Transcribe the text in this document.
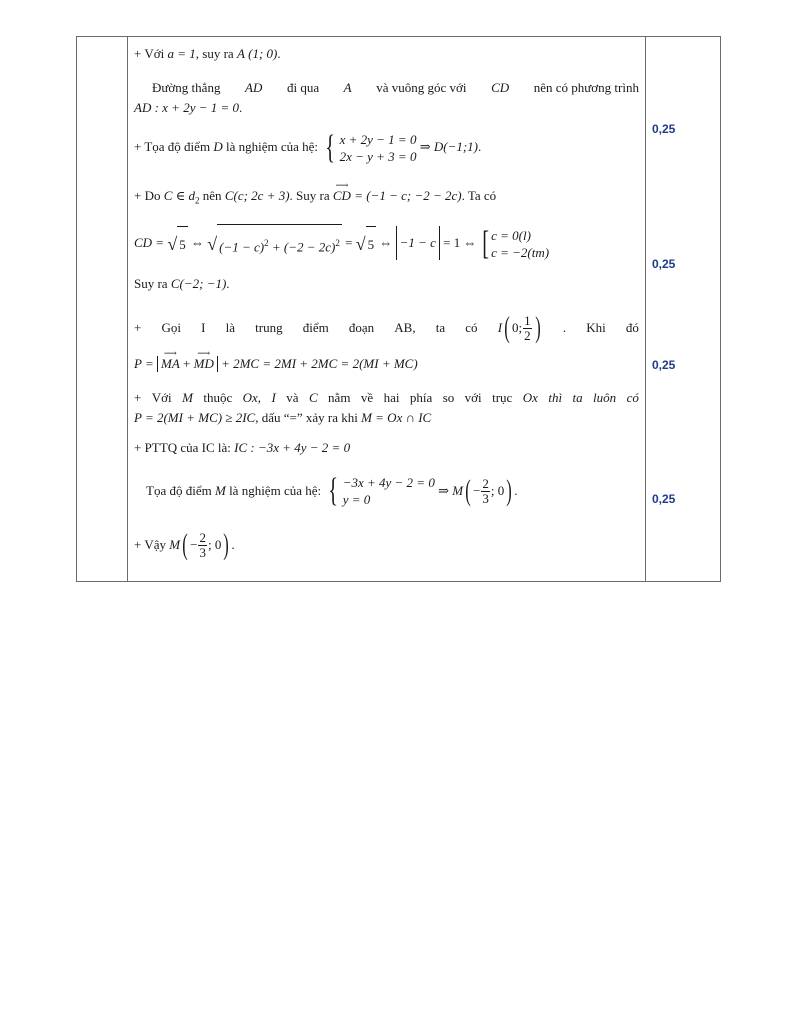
+ Với a = 1, suy ra A (1; 0).
Đường thẳng AD đi qua A và vuông góc với CD nên có phương trình
AD : x + 2y − 1 = 0.
+ Tọa độ điểm D là nghiệm của hệ: { x + 2y − 1 = 0
2x − y + 3 = 0
⇒ D(−1;1).
+ Do C ∈ $d_2$ nên C(c; 2c + 3). Suy ra ⟶ CD = (−1 − c; −2 − 2c). Ta có
CD = √ 5 ⇔ √ $(-1 - c)^2 + (-2 - 2c)^2$ = √ 5 ⇔ −1 − c = 1 ⇔ [ c = 0(l)
c = −2(tm)
Suy ra C(−2; −1).
+ Gọi I là trung điểm đoạn AB, ta có I ( 0; $\frac{1}{2}$ ) . Khi đó
P = ⟶ MA + ⟶ MD + 2MC = 2MI + 2MC = 2(MI + MC)
+ Với M thuộc Ox, I và C nằm về hai phía so với trục Ox thì ta luôn có
P = 2(MI + MC) ≥ 2IC, dấu “=” xảy ra khi M = Ox ∩ IC
+ PTTQ của IC là: IC : −3x + 4y − 2 = 0
Tọa độ điểm
M
là nghiệm của hệ:
{ −3x + 4y − 2 = 0
y = 0

⇒ M ( − $\frac{2}{3}$ ; 0 ) .
+ Vậy
M ( − $\frac{2}{3}$ ; 0 ) .
0,25
0,25
0,25
0,25
